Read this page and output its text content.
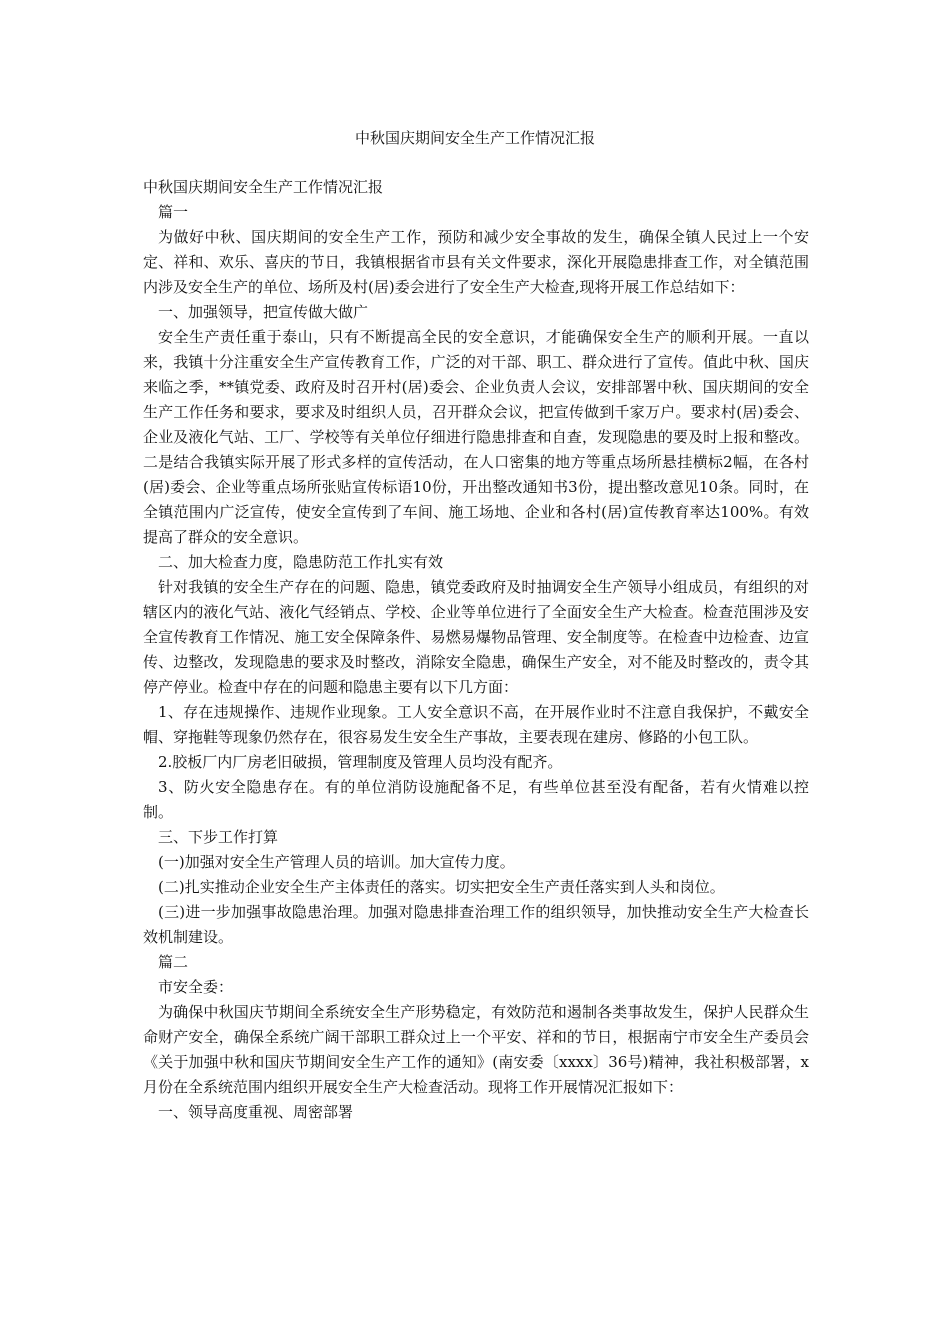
中秋国庆期间安全生产工作情况汇报

中秋国庆期间安全生产工作情况汇报

篇一

为做好中秋、国庆期间的安全生产工作，预防和减少安全事故的发生，确保全镇人民过上一个安定、祥和、欢乐、喜庆的节日，我镇根据省市县有关文件要求，深化开展隐患排查工作，对全镇范围内涉及安全生产的单位、场所及村(居)委会进行了安全生产大检查,现将开展工作总结如下：

一、加强领导，把宣传做大做广

安全生产责任重于泰山，只有不断提高全民的安全意识，才能确保安全生产的顺利开展。一直以来，我镇十分注重安全生产宣传教育工作，广泛的对干部、职工、群众进行了宣传。值此中秋、国庆来临之季，**镇党委、政府及时召开村(居)委会、企业负责人会议，安排部署中秋、国庆期间的安全生产工作任务和要求，要求及时组织人员，召开群众会议，把宣传做到千家万户。要求村(居)委会、企业及液化气站、工厂、学校等有关单位仔细进行隐患排查和自查，发现隐患的要及时上报和整改。二是结合我镇实际开展了形式多样的宣传活动，在人口密集的地方等重点场所悬挂横标2幅，在各村(居)委会、企业等重点场所张贴宣传标语10份，开出整改通知书3份，提出整改意见10条。同时，在全镇范围内广泛宣传，使安全宣传到了车间、施工场地、企业和各村(居)宣传教育率达100%。有效提高了群众的安全意识。

二、加大检查力度，隐患防范工作扎实有效

针对我镇的安全生产存在的问题、隐患，镇党委政府及时抽调安全生产领导小组成员，有组织的对辖区内的液化气站、液化气经销点、学校、企业等单位进行了全面安全生产大检查。检查范围涉及安全宣传教育工作情况、施工安全保障条件、易燃易爆物品管理、安全制度等。在检查中边检查、边宣传、边整改，发现隐患的要求及时整改，消除安全隐患，确保生产安全，对不能及时整改的，责令其停产停业。检查中存在的问题和隐患主要有以下几方面：

1、存在违规操作、违规作业现象。工人安全意识不高，在开展作业时不注意自我保护，不戴安全帽、穿拖鞋等现象仍然存在，很容易发生安全生产事故，主要表现在建房、修路的小包工队。

2.胶板厂内厂房老旧破损，管理制度及管理人员均没有配齐。

3、防火安全隐患存在。有的单位消防设施配备不足，有些单位甚至没有配备，若有火情难以控制。

三、下步工作打算

(一)加强对安全生产管理人员的培训。加大宣传力度。

(二)扎实推动企业安全生产主体责任的落实。切实把安全生产责任落实到人头和岗位。

(三)进一步加强事故隐患治理。加强对隐患排查治理工作的组织领导，加快推动安全生产大检查长效机制建设。

篇二

市安全委：

为确保中秋国庆节期间全系统安全生产形势稳定，有效防范和遏制各类事故发生，保护人民群众生命财产安全，确保全系统广阔干部职工群众过上一个平安、祥和的节日，根据南宁市安全生产委员会《关于加强中秋和国庆节期间安全生产工作的通知》(南安委〔xxxx〕36号)精神，我社积极部署，x月份在全系统范围内组织开展安全生产大检查活动。现将工作开展情况汇报如下：

一、领导高度重视、周密部署
